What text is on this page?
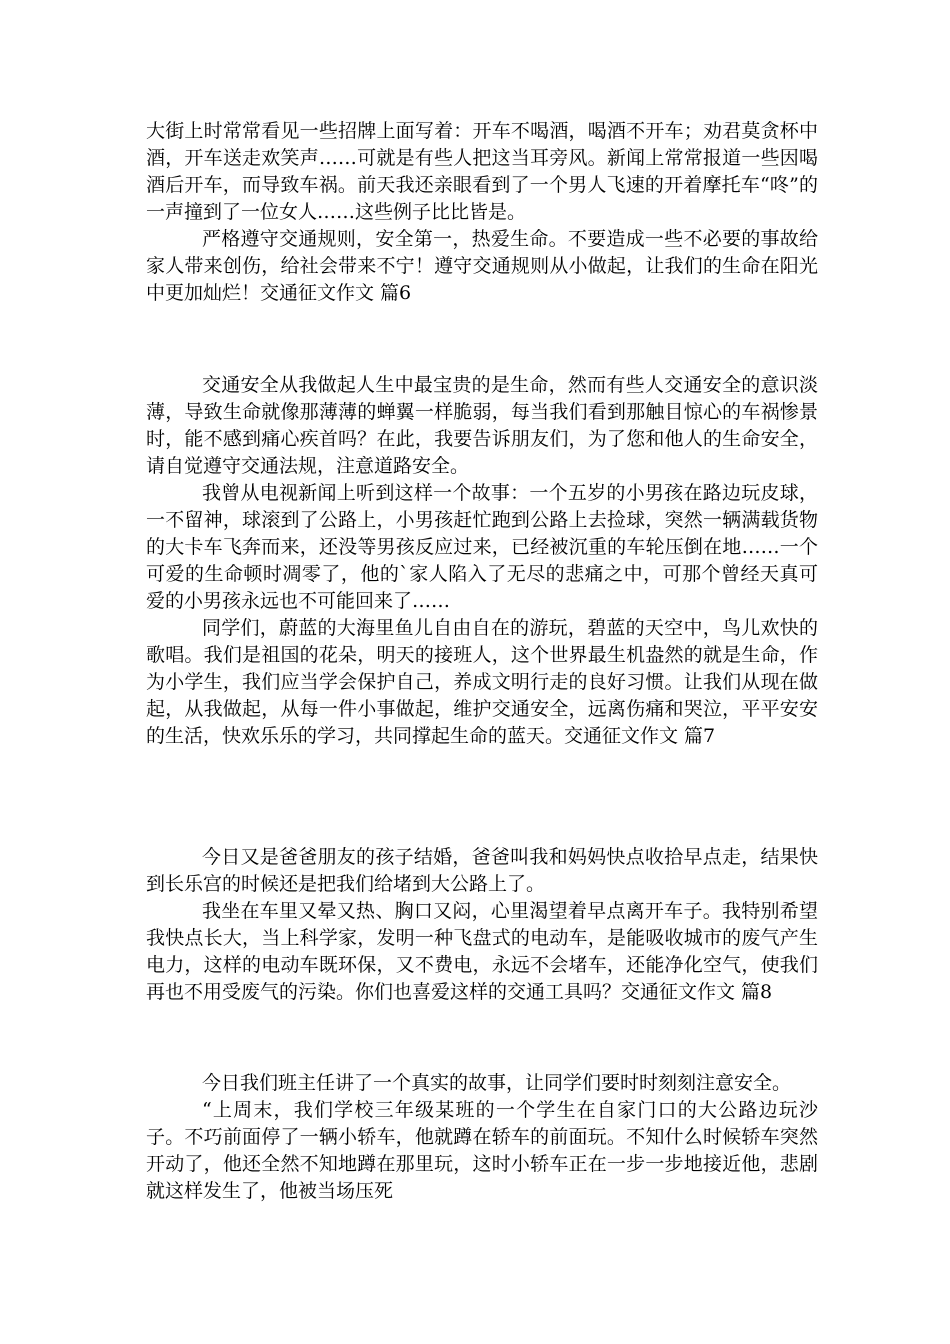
大街上时常常看见一些招牌上面写着：开车不喝酒，喝酒不开车；劝君莫贪杯中酒，开车送走欢笑声……可就是有些人把这当耳旁风。新闻上常常报道一些因喝酒后开车，而导致车祸。前天我还亲眼看到了一个男人飞速的开着摩托车“咚”的一声撞到了一位女人……这些例子比比皆是。

严格遵守交通规则，安全第一，热爱生命。不要造成一些不必要的事故给家人带来创伤，给社会带来不宁！遵守交通规则从小做起，让我们的生命在阳光中更加灿烂！交通征文作文 篇6

交通安全从我做起人生中最宝贵的是生命，然而有些人交通安全的意识淡薄，导致生命就像那薄薄的蝉翼一样脆弱，每当我们看到那触目惊心的车祸惨景时，能不感到痛心疾首吗？在此，我要告诉朋友们，为了您和他人的生命安全，请自觉遵守交通法规，注意道路安全。

我曾从电视新闻上听到这样一个故事：一个五岁的小男孩在路边玩皮球，一不留神，球滚到了公路上，小男孩赶忙跑到公路上去捡球，突然一辆满载货物的大卡车飞奔而来，还没等男孩反应过来，已经被沉重的车轮压倒在地……一个可爱的生命顿时凋零了，他的`家人陷入了无尽的悲痛之中，可那个曾经天真可爱的小男孩永远也不可能回来了……

同学们，蔚蓝的大海里鱼儿自由自在的游玩，碧蓝的天空中，鸟儿欢快的歌唱。我们是祖国的花朵，明天的接班人，这个世界最生机盎然的就是生命，作为小学生，我们应当学会保护自己，养成文明行走的良好习惯。让我们从现在做起，从我做起，从每一件小事做起，维护交通安全，远离伤痛和哭泣，平平安安的生活，快欢乐乐的学习，共同撑起生命的蓝天。交通征文作文 篇7

今日又是爸爸朋友的孩子结婚，爸爸叫我和妈妈快点收拾早点走，结果快到长乐宫的时候还是把我们给堵到大公路上了。

我坐在车里又晕又热、胸口又闷，心里渴望着早点离开车子。我特别希望我快点长大，当上科学家，发明一种飞盘式的电动车，是能吸收城市的废气产生电力，这样的电动车既环保，又不费电，永远不会堵车，还能净化空气，使我们再也不用受废气的污染。你们也喜爱这样的交通工具吗？交通征文作文 篇8

今日我们班主任讲了一个真实的故事，让同学们要时时刻刻注意安全。

“上周末，我们学校三年级某班的一个学生在自家门口的大公路边玩沙子。不巧前面停了一辆小轿车，他就蹲在轿车的前面玩。不知什么时候轿车突然开动了，他还全然不知地蹲在那里玩，这时小轿车正在一步一步地接近他，悲剧就这样发生了，他被当场压死
